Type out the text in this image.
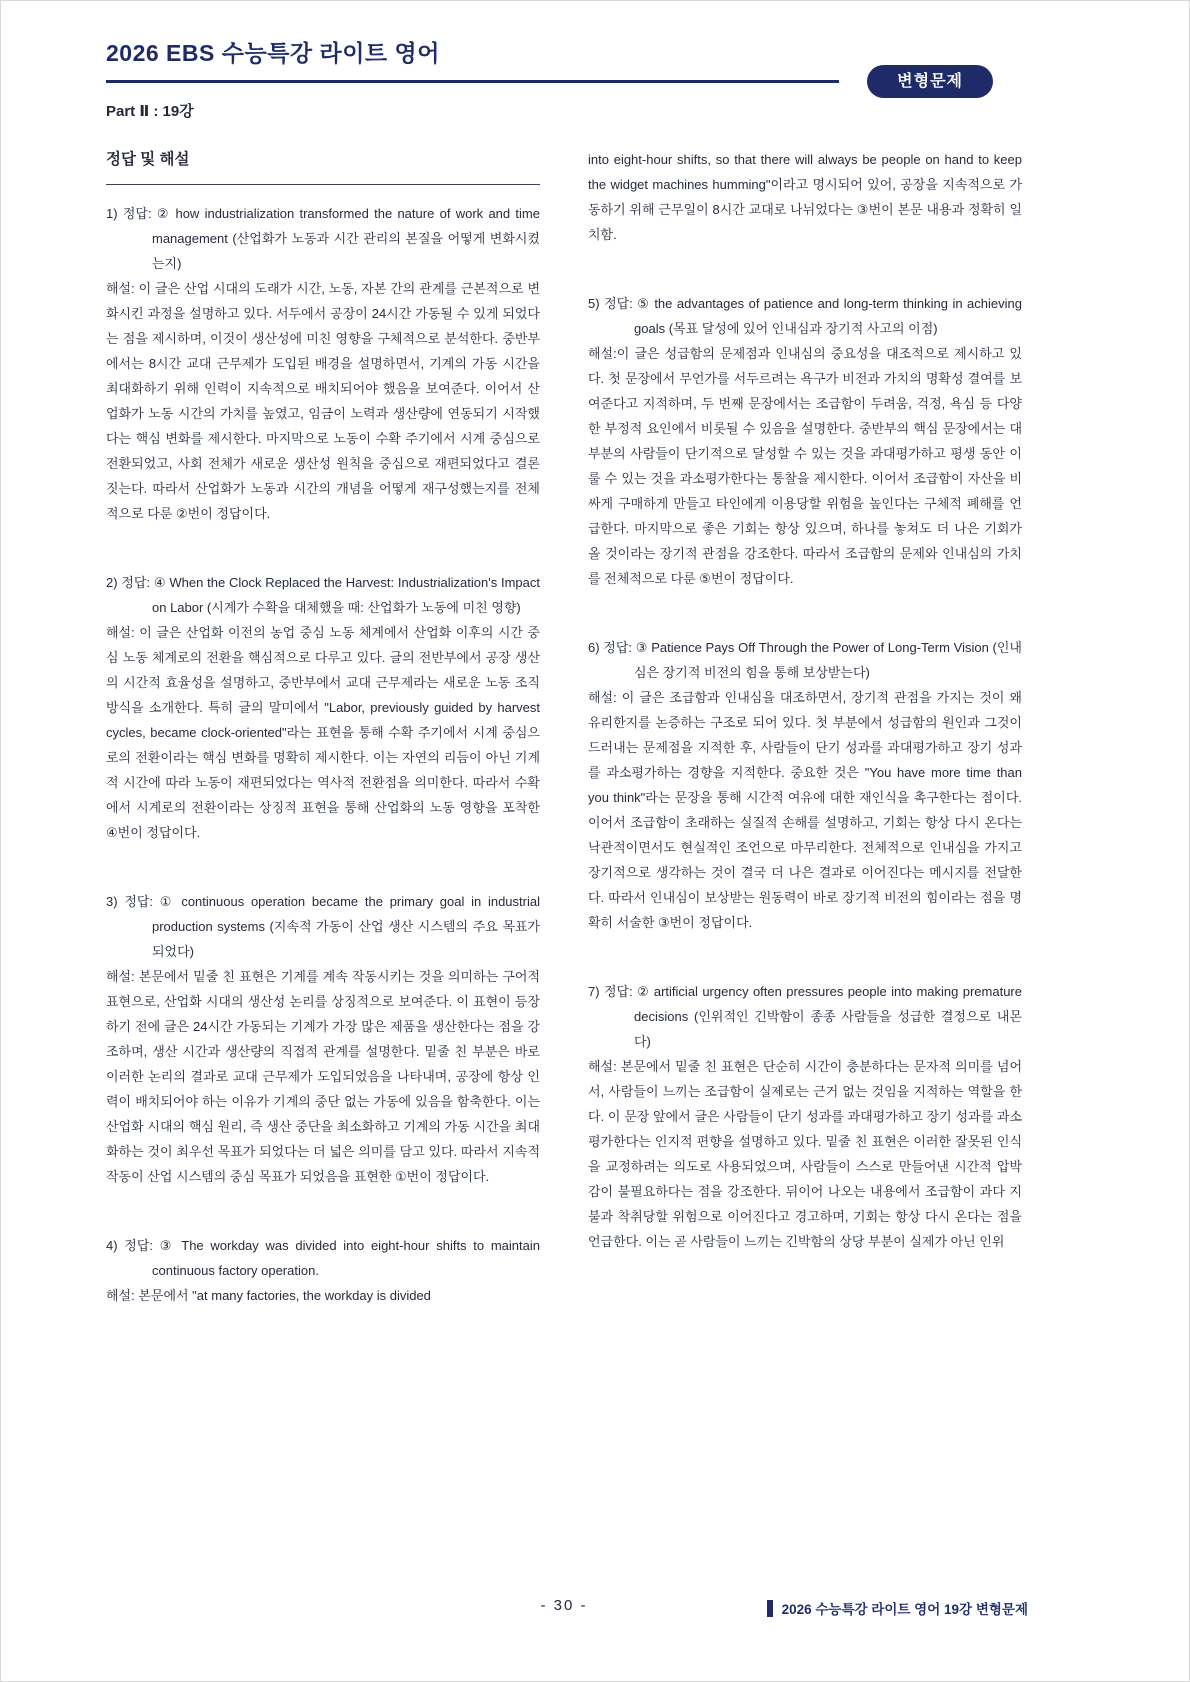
2026 EBS 수능특강 라이트 영어
변형문제
Part Ⅱ : 19강
정답 및 해설
1) 정답: ② how industrialization transformed the nature of work and time management (산업화가 노동과 시간 관리의 본질을 어떻게 변화시켰는지)

해설: 이 글은 산업 시대의 도래가 시간, 노동, 자본 간의 관계를 근본적으로 변화시킨 과정을 설명하고 있다. 서두에서 공장이 24시간 가동될 수 있게 되었다는 점을 제시하며, 이것이 생산성에 미친 영향을 구체적으로 분석한다. 중반부에서는 8시간 교대 근무제가 도입된 배경을 설명하면서, 기계의 가동 시간을 최대화하기 위해 인력이 지속적으로 배치되어야 했음을 보여준다. 이어서 산업화가 노동 시간의 가치를 높였고, 임금이 노력과 생산량에 연동되기 시작했다는 핵심 변화를 제시한다. 마지막으로 노동이 수확 주기에서 시계 중심으로 전환되었고, 사회 전체가 새로운 생산성 원칙을 중심으로 재편되었다고 결론짓는다. 따라서 산업화가 노동과 시간의 개념을 어떻게 재구성했는지를 전체적으로 다룬 ②번이 정답이다.

2) 정답: ④ When the Clock Replaced the Harvest: Industrialization's Impact on Labor (시계가 수확을 대체했을 때: 산업화가 노동에 미친 영향)

해설: 이 글은 산업화 이전의 농업 중심 노동 체계에서 산업화 이후의 시간 중심 노동 체계로의 전환을 핵심적으로 다루고 있다. 글의 전반부에서 공장 생산의 시간적 효율성을 설명하고, 중반부에서 교대 근무제라는 새로운 노동 조직 방식을 소개한다. 특히 글의 말미에서 "Labor, previously guided by harvest cycles, became clock-oriented"라는 표현을 통해 수확 주기에서 시계 중심으로의 전환이라는 핵심 변화를 명확히 제시한다. 이는 자연의 리듬이 아닌 기계적 시간에 따라 노동이 재편되었다는 역사적 전환점을 의미한다. 따라서 수확에서 시계로의 전환이라는 상징적 표현을 통해 산업화의 노동 영향을 포착한 ④번이 정답이다.

3) 정답: ① continuous operation became the primary goal in industrial production systems (지속적 가동이 산업 생산 시스템의 주요 목표가 되었다)

해설: 본문에서 밑줄 친 표현은 기계를 계속 작동시키는 것을 의미하는 구어적 표현으로, 산업화 시대의 생산성 논리를 상징적으로 보여준다. 이 표현이 등장하기 전에 글은 24시간 가동되는 기계가 가장 많은 제품을 생산한다는 점을 강조하며, 생산 시간과 생산량의 직접적 관계를 설명한다. 밑줄 친 부분은 바로 이러한 논리의 결과로 교대 근무제가 도입되었음을 나타내며, 공장에 항상 인력이 배치되어야 하는 이유가 기계의 중단 없는 가동에 있음을 함축한다. 이는 산업화 시대의 핵심 원리, 즉 생산 중단을 최소화하고 기계의 가동 시간을 최대화하는 것이 최우선 목표가 되었다는 더 넓은 의미를 담고 있다. 따라서 지속적 작동이 산업 시스템의 중심 목표가 되었음을 표현한 ①번이 정답이다.

4) 정답: ③ The workday was divided into eight-hour shifts to maintain continuous factory operation.

해설: 본문에서 "at many factories, the workday is divided

into eight-hour shifts, so that there will always be people on hand to keep the widget machines humming"이라고 명시되어 있어, 공장을 지속적으로 가동하기 위해 근무일이 8시간 교대로 나뉘었다는 ③번이 본문 내용과 정확히 일치함.

5) 정답: ⑤ the advantages of patience and long-term thinking in achieving goals (목표 달성에 있어 인내심과 장기적 사고의 이점)

해설:이 글은 성급함의 문제점과 인내심의 중요성을 대조적으로 제시하고 있다. 첫 문장에서 무언가를 서두르려는 욕구가 비전과 가치의 명확성 결여를 보여준다고 지적하며, 두 번째 문장에서는 조급함이 두려움, 걱정, 욕심 등 다양한 부정적 요인에서 비롯될 수 있음을 설명한다. 중반부의 핵심 문장에서는 대부분의 사람들이 단기적으로 달성할 수 있는 것을 과대평가하고 평생 동안 이룰 수 있는 것을 과소평가한다는 통찰을 제시한다. 이어서 조급함이 자산을 비싸게 구매하게 만들고 타인에게 이용당할 위험을 높인다는 구체적 폐해를 언급한다. 마지막으로 좋은 기회는 항상 있으며, 하나를 놓쳐도 더 나은 기회가 올 것이라는 장기적 관점을 강조한다. 따라서 조급함의 문제와 인내심의 가치를 전체적으로 다룬 ⑤번이 정답이다.

6) 정답: ③ Patience Pays Off Through the Power of Long-Term Vision (인내심은 장기적 비전의 힘을 통해 보상받는다)

해설: 이 글은 조급함과 인내심을 대조하면서, 장기적 관점을 가지는 것이 왜 유리한지를 논증하는 구조로 되어 있다. 첫 부분에서 성급함의 원인과 그것이 드러내는 문제점을 지적한 후, 사람들이 단기 성과를 과대평가하고 장기 성과를 과소평가하는 경향을 지적한다. 중요한 것은 "You have more time than you think"라는 문장을 통해 시간적 여유에 대한 재인식을 촉구한다는 점이다. 이어서 조급함이 초래하는 실질적 손해를 설명하고, 기회는 항상 다시 온다는 낙관적이면서도 현실적인 조언으로 마무리한다. 전체적으로 인내심을 가지고 장기적으로 생각하는 것이 결국 더 나은 결과로 이어진다는 메시지를 전달한다. 따라서 인내심이 보상받는 원동력이 바로 장기적 비전의 힘이라는 점을 명확히 서술한 ③번이 정답이다.

7) 정답: ② artificial urgency often pressures people into making premature decisions (인위적인 긴박함이 종종 사람들을 성급한 결정으로 내몬다)

해설: 본문에서 밑줄 친 표현은 단순히 시간이 충분하다는 문자적 의미를 넘어서, 사람들이 느끼는 조급함이 실제로는 근거 없는 것임을 지적하는 역할을 한다. 이 문장 앞에서 글은 사람들이 단기 성과를 과대평가하고 장기 성과를 과소평가한다는 인지적 편향을 설명하고 있다. 밑줄 친 표현은 이러한 잘못된 인식을 교정하려는 의도로 사용되었으며, 사람들이 스스로 만들어낸 시간적 압박감이 불필요하다는 점을 강조한다. 뒤이어 나오는 내용에서 조급함이 과다 지불과 착취당할 위험으로 이어진다고 경고하며, 기회는 항상 다시 온다는 점을 언급한다. 이는 곧 사람들이 느끼는 긴박함의 상당 부분이 실제가 아닌 인위

- 30 -	2026 수능특강 라이트 영어 19강 변형문제
